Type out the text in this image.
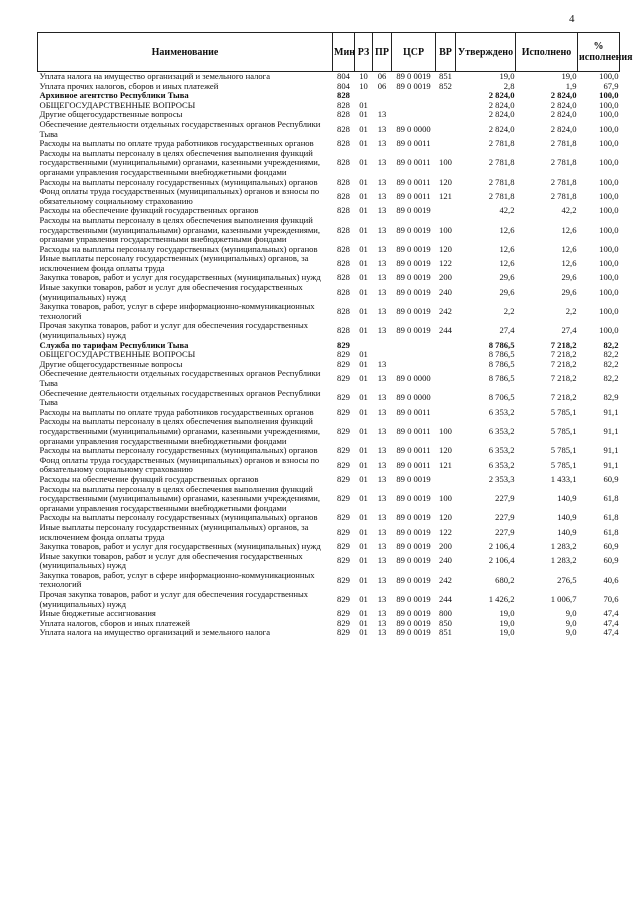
4
Наименование	Мин	РЗ	ПР	ЦСР	ВР	Утверждено	Исполнено	% исполнения
Уплата налога на имущество организаций и земельного налога	804	10	06	89 0 0019	851	19,0	19,0	100,0
Уплата прочих налогов, сборов и иных платежей	804	10	06	89 0 0019	852	2,8	1,9	67,9
Архивное агентство Республики Тыва	828					2 824,0	2 824,0	100,0
ОБЩЕГОСУДАРСТВЕННЫЕ ВОПРОСЫ	828	01				2 824,0	2 824,0	100,0
Другие общегосударственные вопросы	828	01	13			2 824,0	2 824,0	100,0
Обеспечение деятельности отдельных государственных органов Республики Тыва	828	01	13	89 0 0000		2 824,0	2 824,0	100,0
Расходы на выплаты по оплате труда работников государственных органов	828	01	13	89 0 0011		2 781,8	2 781,8	100,0
Расходы на выплаты персоналу в целях обеспечения выполнения функций государственными (муниципальными) органами, казенными учреждениями, органами управления государственными внебюджетными фондами	828	01	13	89 0 0011	100	2 781,8	2 781,8	100,0
Расходы на выплаты персоналу государственных (муниципальных) органов	828	01	13	89 0 0011	120	2 781,8	2 781,8	100,0
Фонд оплаты труда государственных (муниципальных) органов и взносы по обязательному социальному страхованию	828	01	13	89 0 0011	121	2 781,8	2 781,8	100,0
Расходы на обеспечение функций государственных органов	828	01	13	89 0 0019		42,2	42,2	100,0
Расходы на выплаты персоналу в целях обеспечения выполнения функций государственными (муниципальными) органами, казенными учреждениями, органами управления государственными внебюджетными фондами	828	01	13	89 0 0019	100	12,6	12,6	100,0
Расходы на выплаты персоналу государственных (муниципальных) органов	828	01	13	89 0 0019	120	12,6	12,6	100,0
Иные выплаты персоналу государственных (муниципальных) органов, за исключением фонда оплаты труда	828	01	13	89 0 0019	122	12,6	12,6	100,0
Закупка товаров, работ и услуг для государственных (муниципальных) нужд	828	01	13	89 0 0019	200	29,6	29,6	100,0
Иные закупки товаров, работ и услуг для обеспечения государственных (муниципальных) нужд	828	01	13	89 0 0019	240	29,6	29,6	100,0
Закупка товаров, работ, услуг в сфере информационно-коммуникационных технологий	828	01	13	89 0 0019	242	2,2	2,2	100,0
Прочая закупка товаров, работ и услуг для обеспечения государственных (муниципальных) нужд	828	01	13	89 0 0019	244	27,4	27,4	100,0
Служба по тарифам Республики Тыва	829					8 786,5	7 218,2	82,2
ОБЩЕГОСУДАРСТВЕННЫЕ ВОПРОСЫ	829	01				8 786,5	7 218,2	82,2
Другие общегосударственные вопросы	829	01	13			8 786,5	7 218,2	82,2
Обеспечение деятельности отдельных государственных органов Республики Тыва	829	01	13	89 0 0000		8 786,5	7 218,2	82,2
Обеспечение деятельности отдельных государственных органов Республики Тыва	829	01	13	89 0 0000		8 706,5	7 218,2	82,9
Расходы на выплаты по оплате труда работников государственных органов	829	01	13	89 0 0011		6 353,2	5 785,1	91,1
Расходы на выплаты персоналу в целях обеспечения выполнения функций государственными (муниципальными) органами, казенными учреждениями, органами управления государственными внебюджетными фондами	829	01	13	89 0 0011	100	6 353,2	5 785,1	91,1
Расходы на выплаты персоналу государственных (муниципальных) органов	829	01	13	89 0 0011	120	6 353,2	5 785,1	91,1
Фонд оплаты труда государственных (муниципальных) органов и взносы по обязательному социальному страхованию	829	01	13	89 0 0011	121	6 353,2	5 785,1	91,1
Расходы на обеспечение функций государственных органов	829	01	13	89 0 0019		2 353,3	1 433,1	60,9
Расходы на выплаты персоналу в целях обеспечения выполнения функций государственными (муниципальными) органами, казенными учреждениями, органами управления государственными внебюджетными фондами	829	01	13	89 0 0019	100	227,9	140,9	61,8
Расходы на выплаты персоналу государственных (муниципальных) органов	829	01	13	89 0 0019	120	227,9	140,9	61,8
Иные выплаты персоналу государственных (муниципальных) органов, за исключением фонда оплаты труда	829	01	13	89 0 0019	122	227,9	140,9	61,8
Закупка товаров, работ и услуг для государственных (муниципальных) нужд	829	01	13	89 0 0019	200	2 106,4	1 283,2	60,9
Иные закупки товаров, работ и услуг для обеспечения государственных (муниципальных) нужд	829	01	13	89 0 0019	240	2 106,4	1 283,2	60,9
Закупка товаров, работ, услуг в сфере информационно-коммуникационных технологий	829	01	13	89 0 0019	242	680,2	276,5	40,6
Прочая закупка товаров, работ и услуг для обеспечения государственных (муниципальных) нужд	829	01	13	89 0 0019	244	1 426,2	1 006,7	70,6
Иные бюджетные ассигнования	829	01	13	89 0 0019	800	19,0	9,0	47,4
Уплата налогов, сборов и иных платежей	829	01	13	89 0 0019	850	19,0	9,0	47,4
Уплата налога на имущество организаций и земельного налога	829	01	13	89 0 0019	851	19,0	9,0	47,4
